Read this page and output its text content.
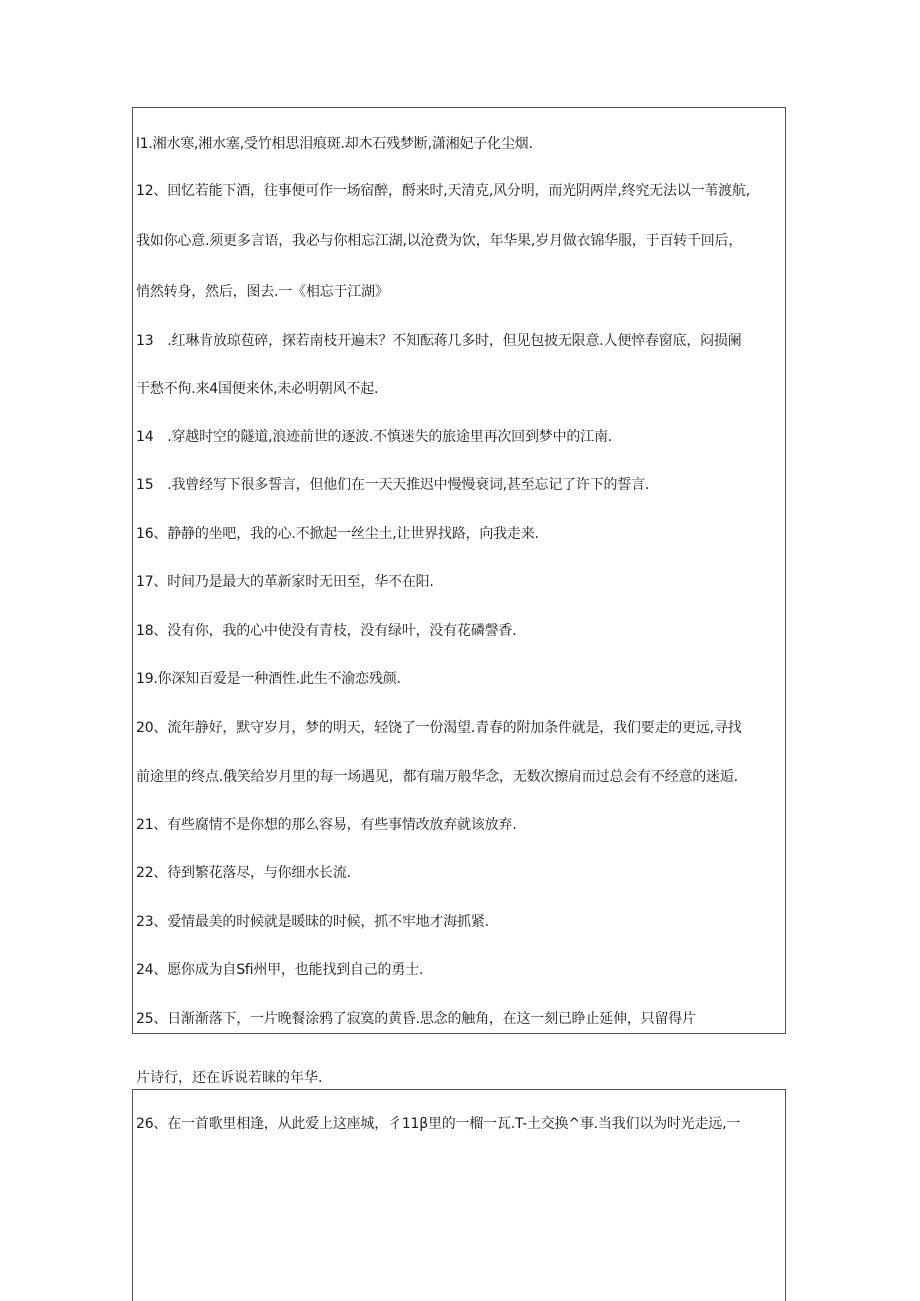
l1.湘水寒,湘水塞,受竹相思泪痕斑.却木石残梦断,潇湘妃子化尘烟.
12、回忆若能下酒，往事便可作一场宿醉，酹来时,天清克,风分明，而光阴两岸,终究无法以一苇渡航,
我如你心意.须更多言语，我必与你相忘江湖,以沧费为饮，年华果,岁月做衣锦华服，于百转千回后，
悄然转身，然后，图去.一《相忘于江湖》
13　.红琳肯放琼苞碎，探若南枝开遍末？不知酝蒋几多时，但见包披无限意.人便悴春窗底，闷损阑
干愁不佝.来4国便来休,未必明朝风不起.
14　.穿越时空的隧道,浪迹前世的逐波.不慎迷失的旅途里再次回到梦中的江南.
15　.我曾经写下很多誓言，但他们在一天天推迟中慢慢衰词,甚至忘记了许下的誓言.
16、静静的坐吧，我的心.不掀起一丝尘土,让世界找路，向我走来.
17、时间乃是最大的革新家时无田至，华不在阳.
18、没有你，我的心中使没有青枝，没有绿叶，没有花磷謦香.
19.你深知百爱是一种酒性.此生不渝恋残颜.
20、流年静好，默守岁月，梦的明天，轻饶了一份渴望.青春的附加条件就是，我们要走的更远,寻找
前途里的终点.俄笑给岁月里的每一场遇见，都有瑞万般华念，无数次擦肩而过总会有不经意的迷逅.
21、有些腐情不是你想的那么容易，有些事情改放弃就该放弃.
22、待到繁花落尽，与你细水长流.
23、爱情最美的时候就是暖昧的时候，抓不牢地才海抓紧.
24、愿你成为自Sfi州甲，也能找到自己的勇士.
25、日渐渐落下，一片晚餐涂鸦了寂寞的黄昏.思念的触角，在这一刻已睁止延伸，只留得片
片诗行，还在诉说若睐的年华.
26、在一首歌里相逢，从此爱上这座城，彳11β里的一榴一瓦.T-土交换^事.当我们以为时光走远,一
